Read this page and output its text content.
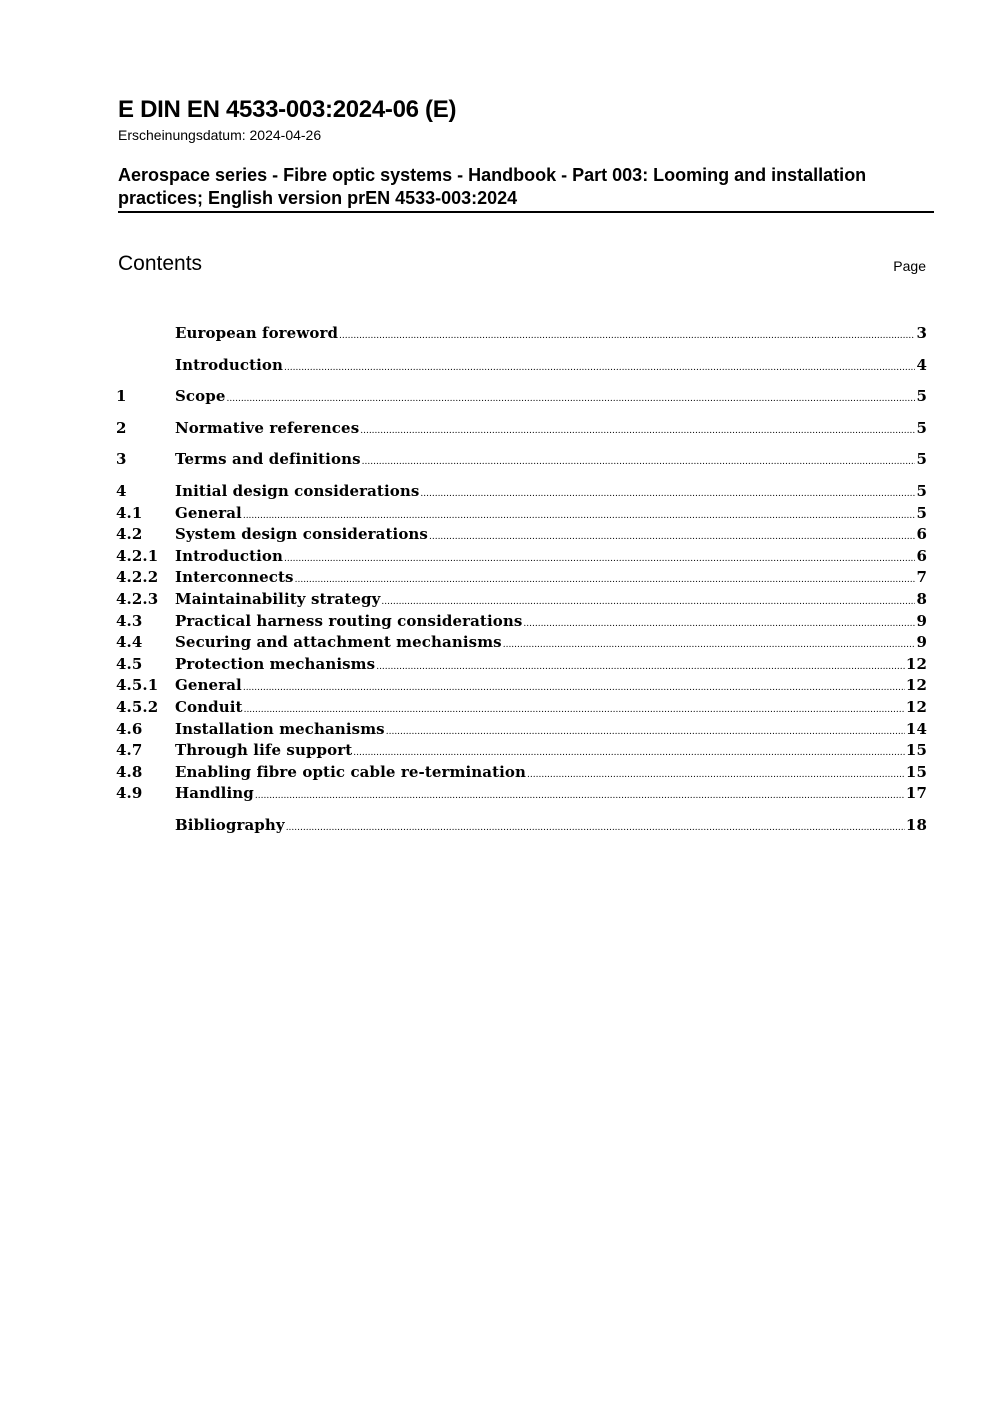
E DIN EN 4533-003:2024-06 (E)
Erscheinungsdatum: 2024-04-26
Aerospace series - Fibre optic systems - Handbook - Part 003: Looming and installation practices; English version prEN 4533-003:2024
Contents	Page
European foreword .....	3
Introduction .....	4
1	Scope .....	5
2	Normative references .....	5
3	Terms and definitions .....	5
4	Initial design considerations .....	5
4.1	General .....	5
4.2	System design considerations .....	6
4.2.1	Introduction .....	6
4.2.2	Interconnects .....	7
4.2.3	Maintainability strategy .....	8
4.3	Practical harness routing considerations .....	9
4.4	Securing and attachment mechanisms .....	9
4.5	Protection mechanisms .....	12
4.5.1	General .....	12
4.5.2	Conduit .....	12
4.6	Installation mechanisms .....	14
4.7	Through life support .....	15
4.8	Enabling fibre optic cable re-termination .....	15
4.9	Handling .....	17
Bibliography .....	18
